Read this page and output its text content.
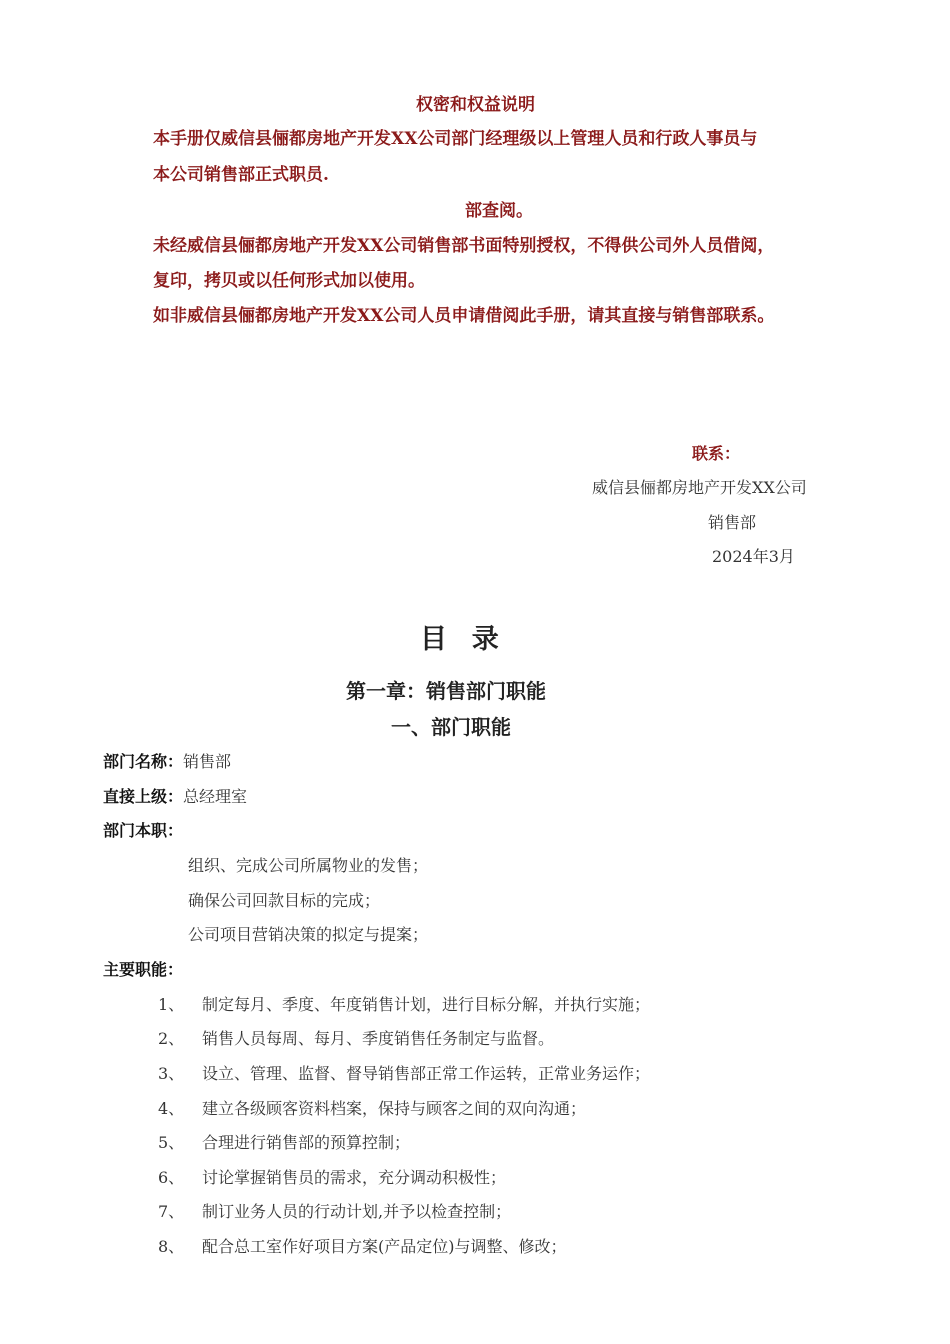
权密和权益说明
本手册仅威信县俪都房地产开发XX公司部门经理级以上管理人员和行政人事员与
本公司销售部正式职员.
部查阅。
未经威信县俪都房地产开发XX公司销售部书面特别授权，不得供公司外人员借阅，
复印，拷贝或以任何形式加以使用。
如非威信县俪都房地产开发XX公司人员申请借阅此手册，请其直接与销售部联系。
联系：
威信县俪都房地产开发XX公司
销售部
2024年3月
目  录
第一章：销售部门职能
一、部门职能
部门名称：销售部
直接上级：总经理室
部门本职：
组织、完成公司所属物业的发售；
确保公司回款目标的完成；
公司项目营销决策的拟定与提案；
主要职能：
1、 制定每月、季度、年度销售计划，进行目标分解，并执行实施；
2、 销售人员每周、每月、季度销售任务制定与监督。
3、 设立、管理、监督、督导销售部正常工作运转，正常业务运作；
4、 建立各级顾客资料档案，保持与顾客之间的双向沟通；
5、 合理进行销售部的预算控制；
6、 讨论掌握销售员的需求，充分调动积极性；
7、 制订业务人员的行动计划,并予以检查控制；
8、 配合总工室作好项目方案(产品定位)与调整、修改；
